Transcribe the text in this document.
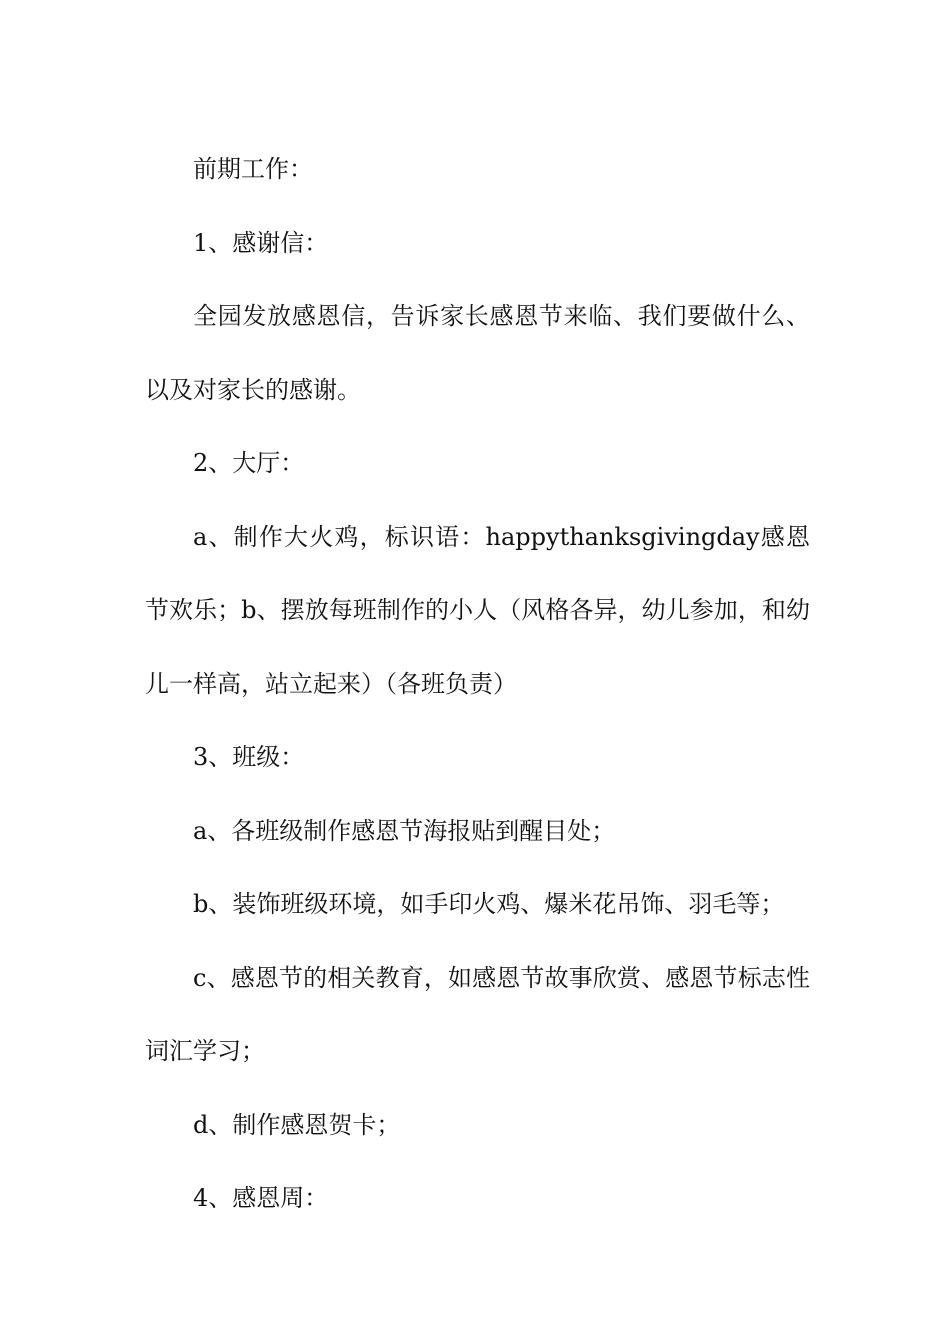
前期工作：

1、感谢信：

全园发放感恩信，告诉家长感恩节来临、我们要做什么、以及对家长的感谢。

2、大厅：

a、制作大火鸡，标识语：happythanksgivingday感恩节欢乐；b、摆放每班制作的小人（风格各异，幼儿参加，和幼儿一样高，站立起来）（各班负责）

3、班级：

a、各班级制作感恩节海报贴到醒目处；

b、装饰班级环境，如手印火鸡、爆米花吊饰、羽毛等；

c、感恩节的相关教育，如感恩节故事欣赏、感恩节标志性词汇学习；

d、制作感恩贺卡；

4、感恩周：
